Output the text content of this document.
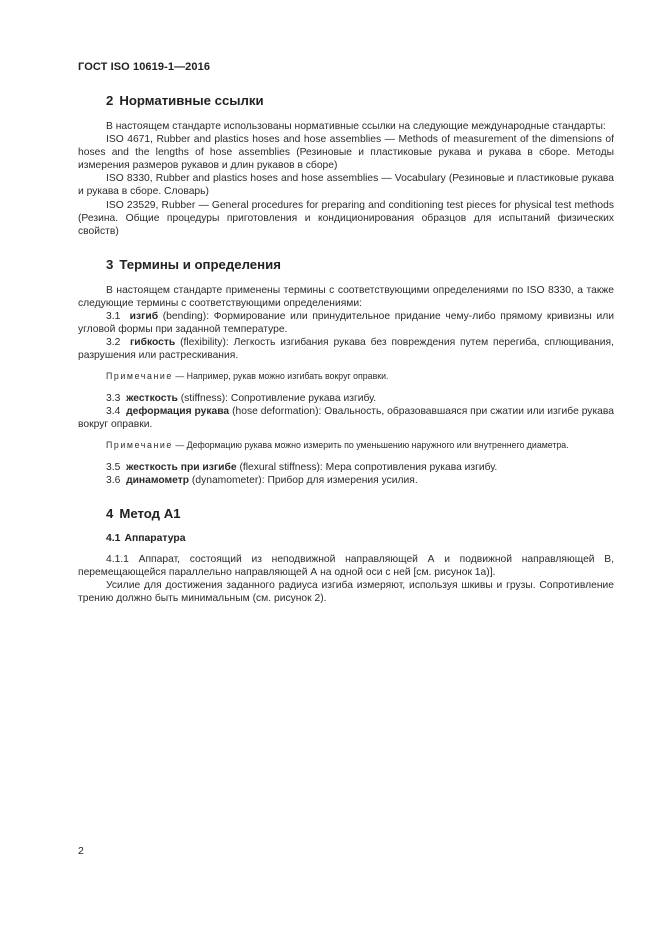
ГОСТ ISO 10619-1—2016
2 Нормативные ссылки

В настоящем стандарте использованы нормативные ссылки на следующие международные стандарты:

ISO 4671, Rubber and plastics hoses and hose assemblies — Methods of measurement of the dimensions of hoses and the lengths of hose assemblies (Резиновые и пластиковые рукава и рукава в сборе. Методы измерения размеров рукавов и длин рукавов в сборе)

ISO 8330, Rubber and plastics hoses and hose assemblies — Vocabulary (Резиновые и пластиковые рукава и рукава в сборе. Словарь)

ISO 23529, Rubber — General procedures for preparing and conditioning test pieces for physical test methods (Резина. Общие процедуры приготовления и кондиционирования образцов для испытаний физических свойств)

3 Термины и определения

В настоящем стандарте применены термины с соответствующими определениями по ISO 8330, а также следующие термины с соответствующими определениями:

3.1 изгиб (bending): Формирование или принудительное придание чему-либо прямому кривизны или угловой формы при заданной температуре.

3.2 гибкость (flexibility): Легкость изгибания рукава без повреждения путем перегиба, сплющивания, разрушения или растрескивания.

Примечание — Например, рукав можно изгибать вокруг оправки.

3.3 жесткость (stiffness): Сопротивление рукава изгибу.

3.4 деформация рукава (hose deformation): Овальность, образовавшаяся при сжатии или изгибе рукава вокруг оправки.

Примечание — Деформацию рукава можно измерить по уменьшению наружного или внутреннего диаметра.

3.5 жесткость при изгибе (flexural stiffness): Мера сопротивления рукава изгибу.

3.6 динамометр (dynamometer): Прибор для измерения усилия.

4 Метод А1
4.1 Аппаратура

4.1.1 Аппарат, состоящий из неподвижной направляющей А и подвижной направляющей В, перемещающейся параллельно направляющей А на одной оси с ней [см. рисунок 1а)].

Усилие для достижения заданного радиуса изгиба измеряют, используя шкивы и грузы. Сопротивление трению должно быть минимальным (см. рисунок 2).

2
